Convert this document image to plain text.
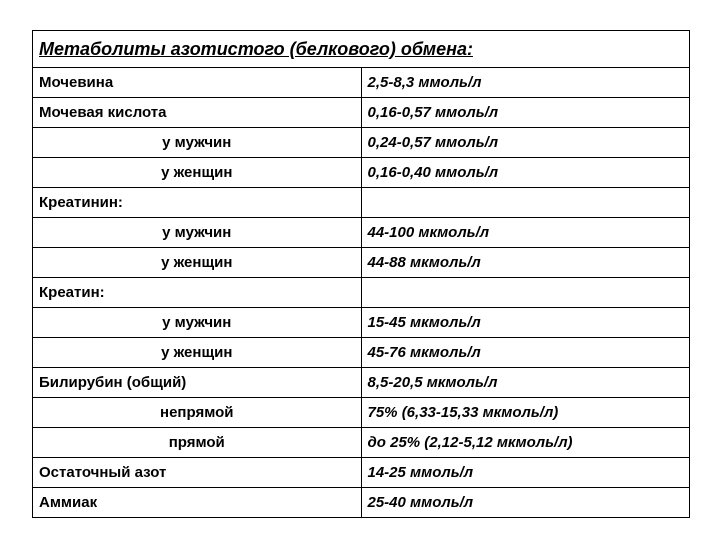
Метаболиты азотистого (белкового) обмена:	
Мочевина	2,5-8,3 ммоль/л
Мочевая кислота	0,16-0,57 ммоль/л
у мужчин	0,24-0,57 ммоль/л
у женщин	0,16-0,40 ммоль/л
Креатинин:	
у мужчин	44-100 мкмоль/л
у женщин	44-88 мкмоль/л
Креатин:	
у мужчин	15-45 мкмоль/л
у женщин	45-76 мкмоль/л
Билирубин (общий)	8,5-20,5 мкмоль/л
непрямой	75% (6,33-15,33 мкмоль/л)
прямой	до 25% (2,12-5,12 мкмоль/л)
Остаточный азот	14-25 ммоль/л
Аммиак	25-40 ммоль/л
